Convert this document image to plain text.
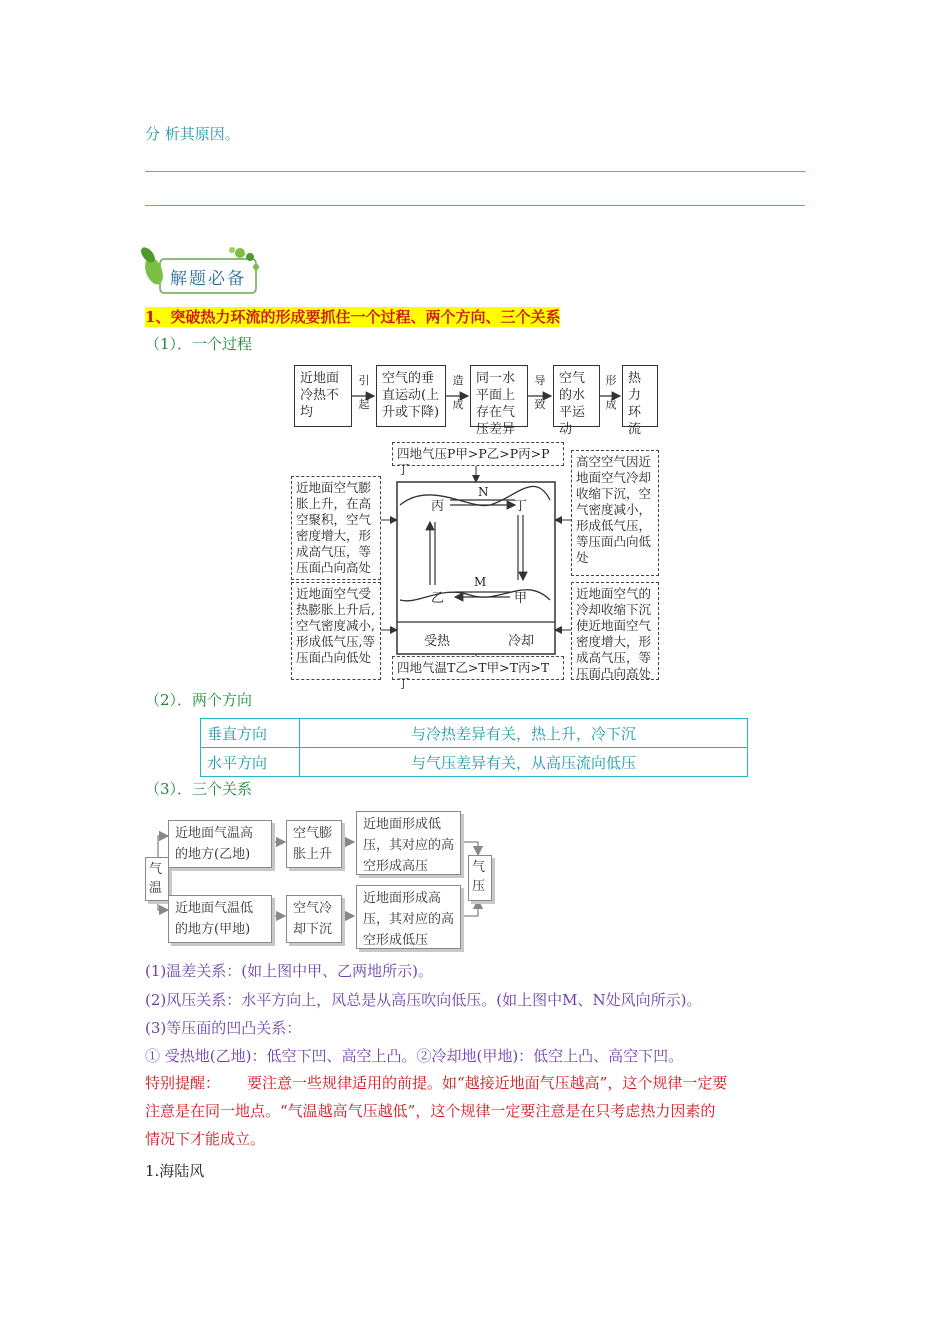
分 析其原因。
解题必备
1、突破热力环流的形成要抓住一个过程、两个方向、三个关系
（1）．一个过程
近地面冷热不均
空气的垂直运动(上升或下降)
同一水平面上存在气压差异
空气的水平运动
热力环流
引
起
造
成
导
致
形
成
四地气压P甲>P乙>P丙>P丁
四地气温T乙>T甲>T丙>T丁
近地面空气膨胀上升，在高空聚积，空气密度增大，形成高气压，等压面凸向高处
近地面空气受热膨胀上升后,空气密度减小,形成低气压,等压面凸向低处
高空空气因近地面空气冷却收缩下沉，空气密度减小，形成低气压，等压面凸向低处
近地面空气的冷却收缩下沉使近地面空气密度增大，形成高气压，等压面凸向高处
丙	丁
乙	甲
N
M
受热	冷却
（2）．两个方向
垂直方向	与冷热差异有关，热上升，冷下沉
水平方向	与气压差异有关，从高压流向低压
（3）．三个关系
气温
近地面气温高的地方(乙地)
空气膨胀上升
近地面形成低压，其对应的高空形成高压
近地面气温低的地方(甲地)
空气冷却下沉
近地面形成高压，其对应的高空形成低压
气压
(1)温差关系：(如上图中甲、乙两地所示)。
(2)风压关系：水平方向上，风总是从高压吹向低压。(如上图中M、N处风向所示)。
(3)等压面的凹凸关系：
① 受热地(乙地)：低空下凹、高空上凸。②冷却地(甲地)：低空上凸、高空下凹。
特别提醒： 要注意一些规律适用的前提。如“越接近地面气压越高”，这个规律一定要
注意是在同一地点。“气温越高气压越低”，这个规律一定要注意是在只考虑热力因素的
情况下才能成立。
1.海陆风
